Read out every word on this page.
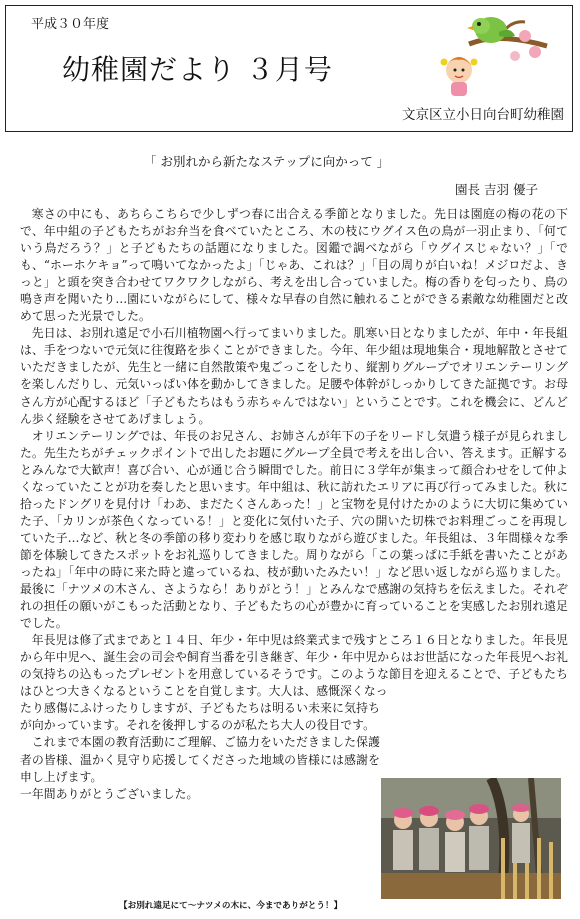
平成３０年度
幼稚園だより ３月号
文京区立小日向台町幼稚園
「 お別れから新たなステップに向かって 」
園長 吉羽 優子

寒さの中にも、あちらこちらで少しずつ春に出合える季節となりました。先日は園庭の梅の花の下で、年中組の子どもたちがお弁当を食べていたところ、木の枝にウグイス色の鳥が一羽止まり、「何ていう鳥だろう？」と子どもたちの話題になりました。図鑑で調べながら「ウグイスじゃない？」「でも、“ホーホケキョ”って鳴いてなかったよ」「じゃあ、これは？」「目の周りが白いね！メジロだよ、きっと」と頭を突き合わせてワクワクしながら、考えを出し合っていました。梅の香りを匂ったり、鳥の鳴き声を聞いたり…園にいながらにして、様々な早春の自然に触れることができる素敵な幼稚園だと改めて思った光景でした。

先日は、お別れ遠足で小石川植物園へ行ってまいりました。肌寒い日となりましたが、年中・年長組は、手をつないで元気に往復路を歩くことができました。今年、年少組は現地集合・現地解散とさせていただきましたが、先生と一緒に自然散策や鬼ごっこをしたり、縦割りグループでオリエンテーリングを楽しんだりし、元気いっぱい体を動かしてきました。足腰や体幹がしっかりしてきた証拠です。お母さん方が心配するほど「子どもたちはもう赤ちゃんではない」ということです。これを機会に、どんどん歩く経験をさせてあげましょう。

オリエンテーリングでは、年長のお兄さん、お姉さんが年下の子をリードし気遣う様子が見られました。先生たちがチェックポイントで出したお題にグループ全員で考えを出し合い、答えます。正解するとみんなで大歓声！喜び合い、心が通じ合う瞬間でした。前日に３学年が集まって顔合わせをして仲よくなっていたことが功を奏したと思います。年中組は、秋に訪れたエリアに再び行ってみました。秋に拾ったドングリを見付け「わあ、まだたくさんあった！」と宝物を見付けたかのように大切に集めていた子、「カリンが茶色くなっている！」と変化に気付いた子、穴の開いた切株でお料理ごっこを再現していた子…など、秋と冬の季節の移り変わりを感じ取りながら遊びました。年長組は、３年間様々な季節を体験してきたスポットをお礼巡りしてきました。周りながら「この葉っぱに手紙を書いたことがあったね」「年中の時に来た時と違っているね、枝が動いたみたい！」など思い返しながら巡りました。最後に「ナツメの木さん、さようなら！ありがとう！」とみんなで感謝の気持ちを伝えました。それぞれの担任の願いがこもった活動となり、子どもたちの心が豊かに育っていることを実感したお別れ遠足でした。

年長児は修了式まであと１４日、年少・年中児は終業式まで残すところ１６日となりました。年長児から年中児へ、誕生会の司会や飼育当番を引き継ぎ、年少・年中児からはお世話になった年長児へお礼の気持ちの込もったプレゼントを用意しているそうです。このような節目を迎えることで、子どもたちはひとつ大きくなるということを自覚します。大人は、感慨深くなっ

たり感傷にふけったりしますが、子どもたちは明るい未来に気持ちが向かっています。それを後押しするのが私たち大人の役目です。

これまで本園の教育活動にご理解、ご協力をいただきました保護者の皆様、温かく見守り応援してくださった地域の皆様には感謝を申し上げます。

一年間ありがとうございました。

【お別れ遠足にて〜ナツメの木に、今までありがとう！】
